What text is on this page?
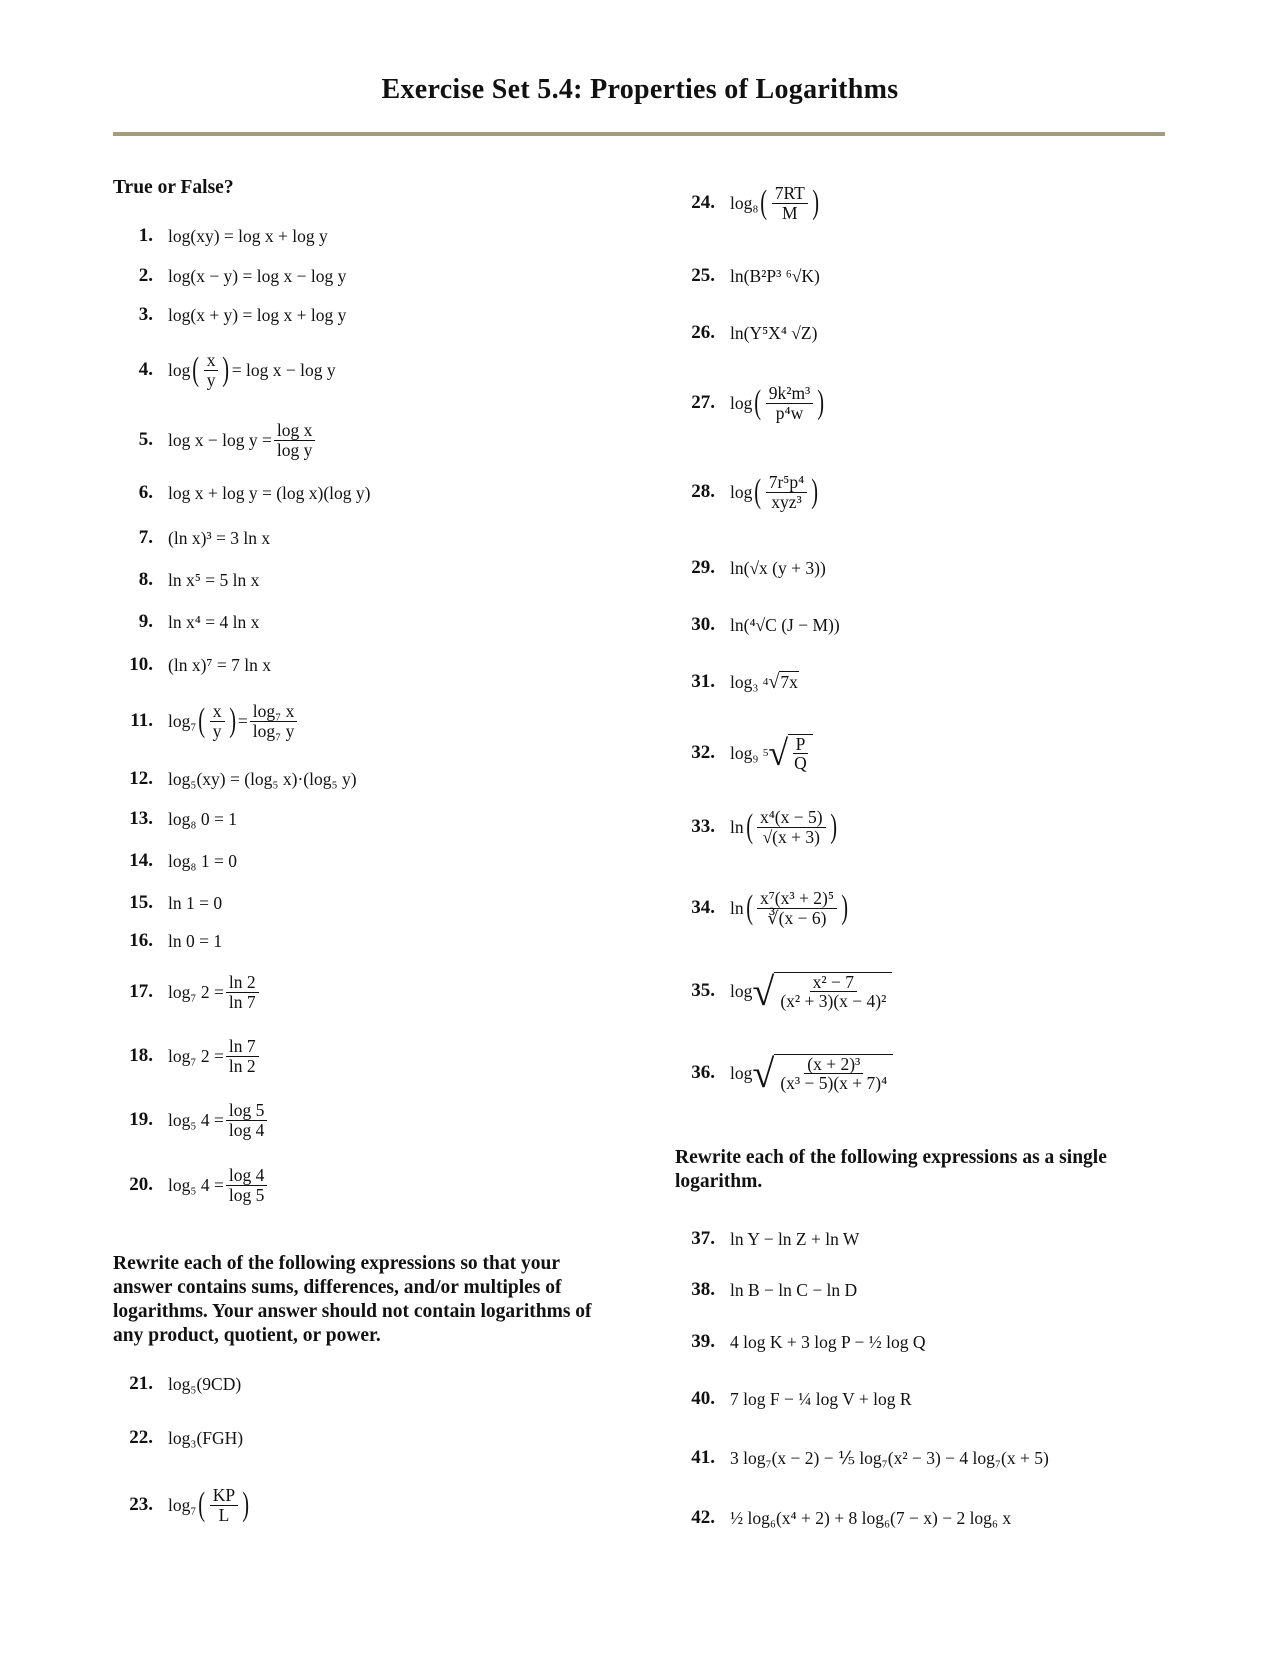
Exercise Set 5.4: Properties of Logarithms
True or False?
Rewrite each of the following expressions so that your answer contains sums, differences, and/or multiples of logarithms. Your answer should not contain logarithms of any product, quotient, or power.
Rewrite each of the following expressions as a single logarithm.
1. log(xy) = log x + log y
2. log(x − y) = log x − log y
3. log(x + y) = log x + log y
4. log ( $\frac{x}{y}$ ) = log x − log y
5. $\log x - \log y = \frac{\text{log x}}{\text{log y}}$
6. log x + log y = (log x)(log y)
7. (ln x)³ = 3 ln x
8. ln x⁵ = 5 ln x
9. ln x⁴ = 4 ln x
10. (ln x)⁷ = 7 ln x
11. log₇ ( $\frac{x}{y}$ ) = $\frac{\text{log₇ x}}{\text{log₇ y}}$
12. log₅(xy) = (log₅ x)·(log₅ y)
13. log₈ 0 = 1
14. log₈ 1 = 0
15. ln 1 = 0
16. ln 0 = 1
17. log₇ $2 = \frac{\ln 2}{\ln 7}$
18. log₇ $2 = \frac{\ln 7}{\ln 2}$
19. log₅ $4 = \frac{\log 5}{\log 4}$
20. log₅ $4 = \frac{\log 4}{\log 5}$
21. log₅(9CD)
22. log₃(FGH)
23. log₇ ( $\frac{KP}{L}$ )
24. log₈ ( $\frac{7RT}{M}$ )
25. ln(B²P³ ⁶√K)
26. ln(Y⁵X⁴ √Z)
27. log ( $\frac{\text{9k²m³}}{\text{p⁴w}}$ )
28. log ( $\frac{\text{7r⁵p⁴}}{\text{xyz³}}$ )
29. ln(√x (y + 3))
30. ln(⁴√C (J − M))
31. log₃
4 √ 7x
32. log₉
5 √ $\frac{P}{Q}$
33. ln ( $\frac{\text{x⁴(x − 5)}}{√(x + 3)}$ )
34. ln ( $\frac{\text{x⁷(x³ + 2)⁵}}{∛(x - 6)}$ )
35. log √ $\frac{\text{x² − 7}}{\text{(x² + 3)(x − 4)²}}$
36. log √ $\frac{\text{(x + 2)³}}{\text{(x³ − 5)(x + 7)⁴}}$
37. ln Y − ln Z + ln W
38. ln B − ln C − ln D
39. 4 log K + 3 log P − ½ log Q
40. 7 log F − ¼ log V + log R
41. 3 log₇(x − 2) − ⅕ log₇(x² − 3) − 4 log₇(x + 5)
42. ½ log₆(x⁴ + 2) + 8 log₆(7 − x) − 2 log₆ x
